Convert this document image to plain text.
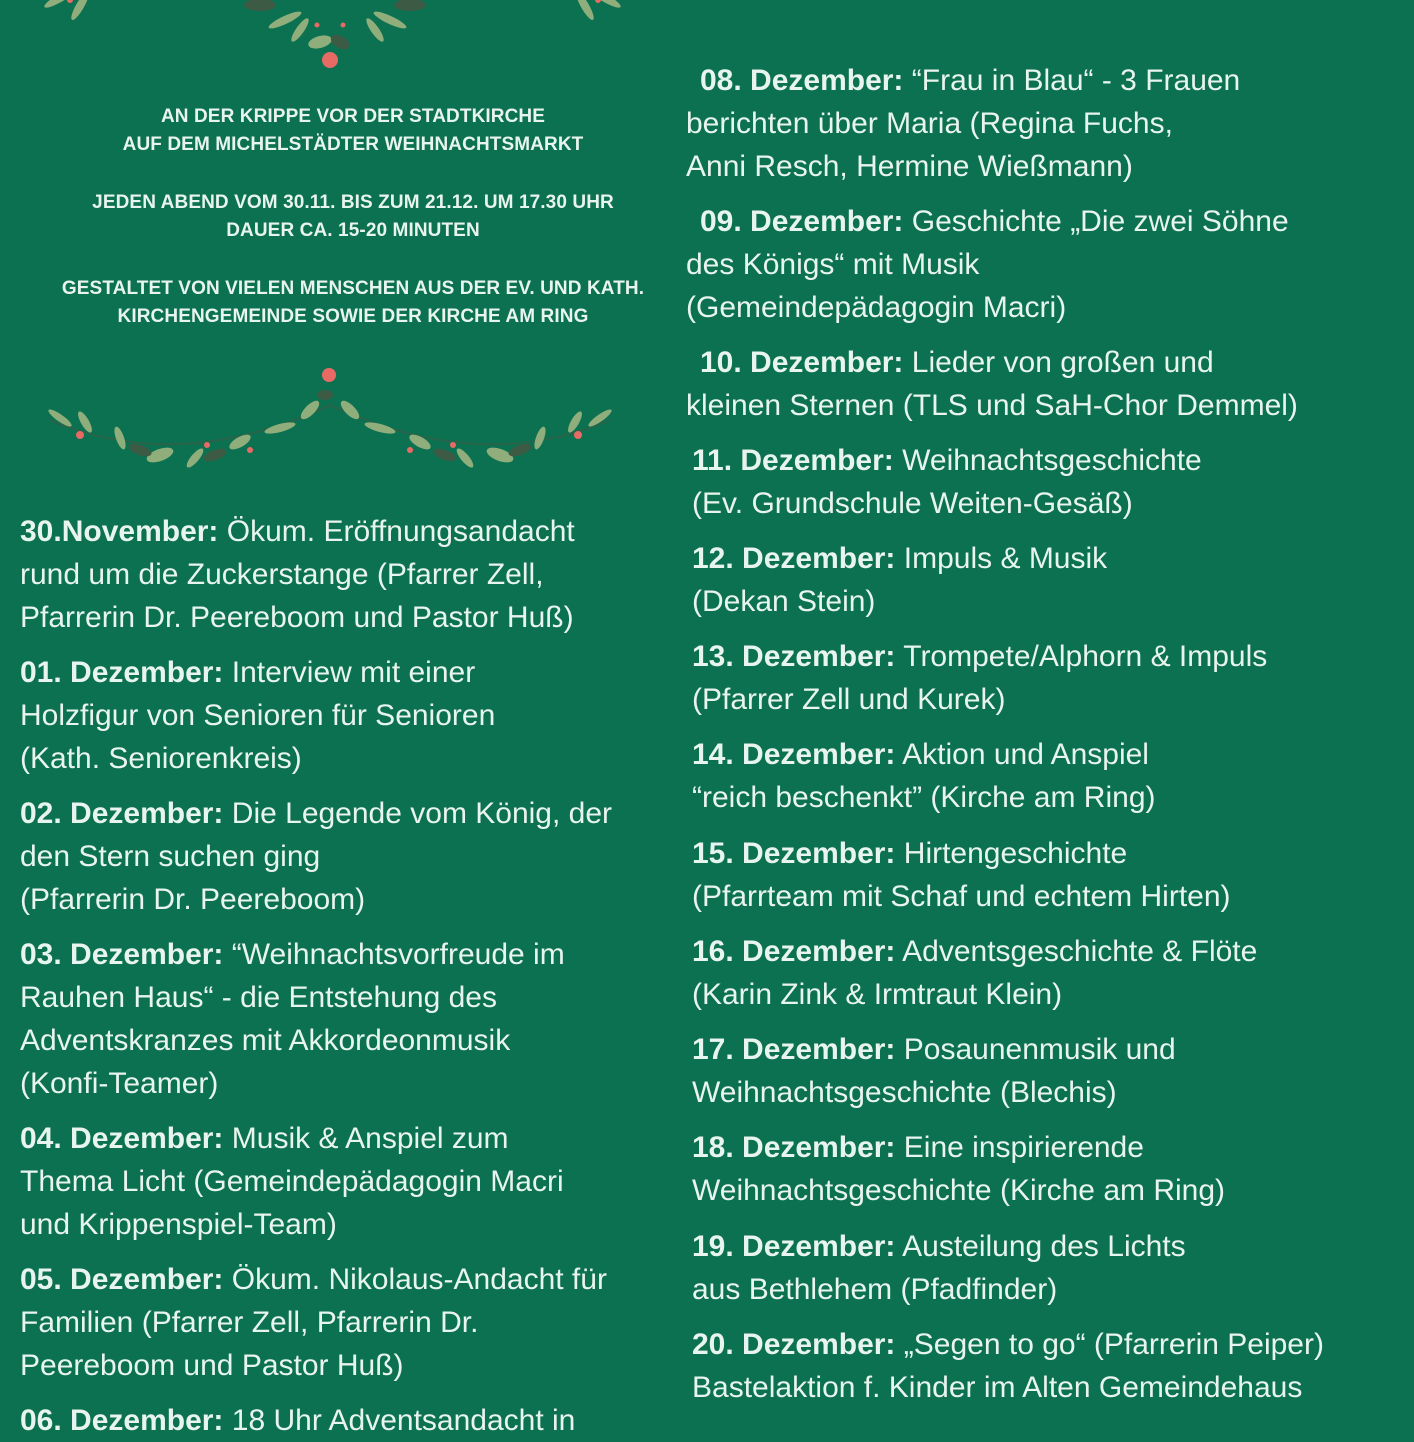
AN DER KRIPPE VOR DER STADTKIRCHE
AUF DEM MICHELSTÄDTER WEIHNACHTSMARKT
JEDEN ABEND VOM 30.11. BIS ZUM 21.12. UM 17.30 UHR
DAUER CA. 15-20 MINUTEN
GESTALTET VON VIELEN MENSCHEN AUS DER EV. UND KATH.
KIRCHENGEMEINDE SOWIE DER KIRCHE AM RING
30.November: Ökum. Eröffnungsandacht
rund um die Zuckerstange (Pfarrer Zell,
Pfarrerin Dr. Peereboom und Pastor Huß)
01. Dezember: Interview mit einer
Holzfigur von Senioren für Senioren
(Kath. Seniorenkreis)
02. Dezember: Die Legende vom König, der
den Stern suchen ging
(Pfarrerin Dr. Peereboom)
03. Dezember: “Weihnachtsvorfreude im
Rauhen Haus“ - die Entstehung des
Adventskranzes mit Akkordeonmusik
(Konfi-Teamer)
04. Dezember: Musik & Anspiel zum
Thema Licht (Gemeindepädagogin Macri
und Krippenspiel-Team)
05. Dezember: Ökum. Nikolaus-Andacht für
Familien (Pfarrer Zell, Pfarrerin Dr.
Peereboom und Pastor Huß)
06. Dezember: 18 Uhr Adventsandacht in
08. Dezember: “Frau in Blau“ - 3 Frauen
berichten über Maria (Regina Fuchs,
Anni Resch, Hermine Wießmann)
09. Dezember: Geschichte „Die zwei Söhne
des Königs“ mit Musik
(Gemeindepädagogin Macri)
10. Dezember: Lieder von großen und
kleinen Sternen (TLS und SaH-Chor Demmel)
11. Dezember: Weihnachtsgeschichte
(Ev. Grundschule Weiten-Gesäß)
12. Dezember: Impuls & Musik
(Dekan Stein)
13. Dezember: Trompete/Alphorn & Impuls
(Pfarrer Zell und Kurek)
14. Dezember: Aktion und Anspiel
“reich beschenkt” (Kirche am Ring)
15. Dezember: Hirtengeschichte
(Pfarrteam mit Schaf und echtem Hirten)
16. Dezember: Adventsgeschichte & Flöte
(Karin Zink & Irmtraut Klein)
17. Dezember: Posaunenmusik und
Weihnachtsgeschichte (Blechis)
18. Dezember: Eine inspirierende
Weihnachtsgeschichte (Kirche am Ring)
19. Dezember: Austeilung des Lichts
aus Bethlehem (Pfadfinder)
20. Dezember: „Segen to go“ (Pfarrerin Peiper)
Bastelaktion f. Kinder im Alten Gemeindehaus
